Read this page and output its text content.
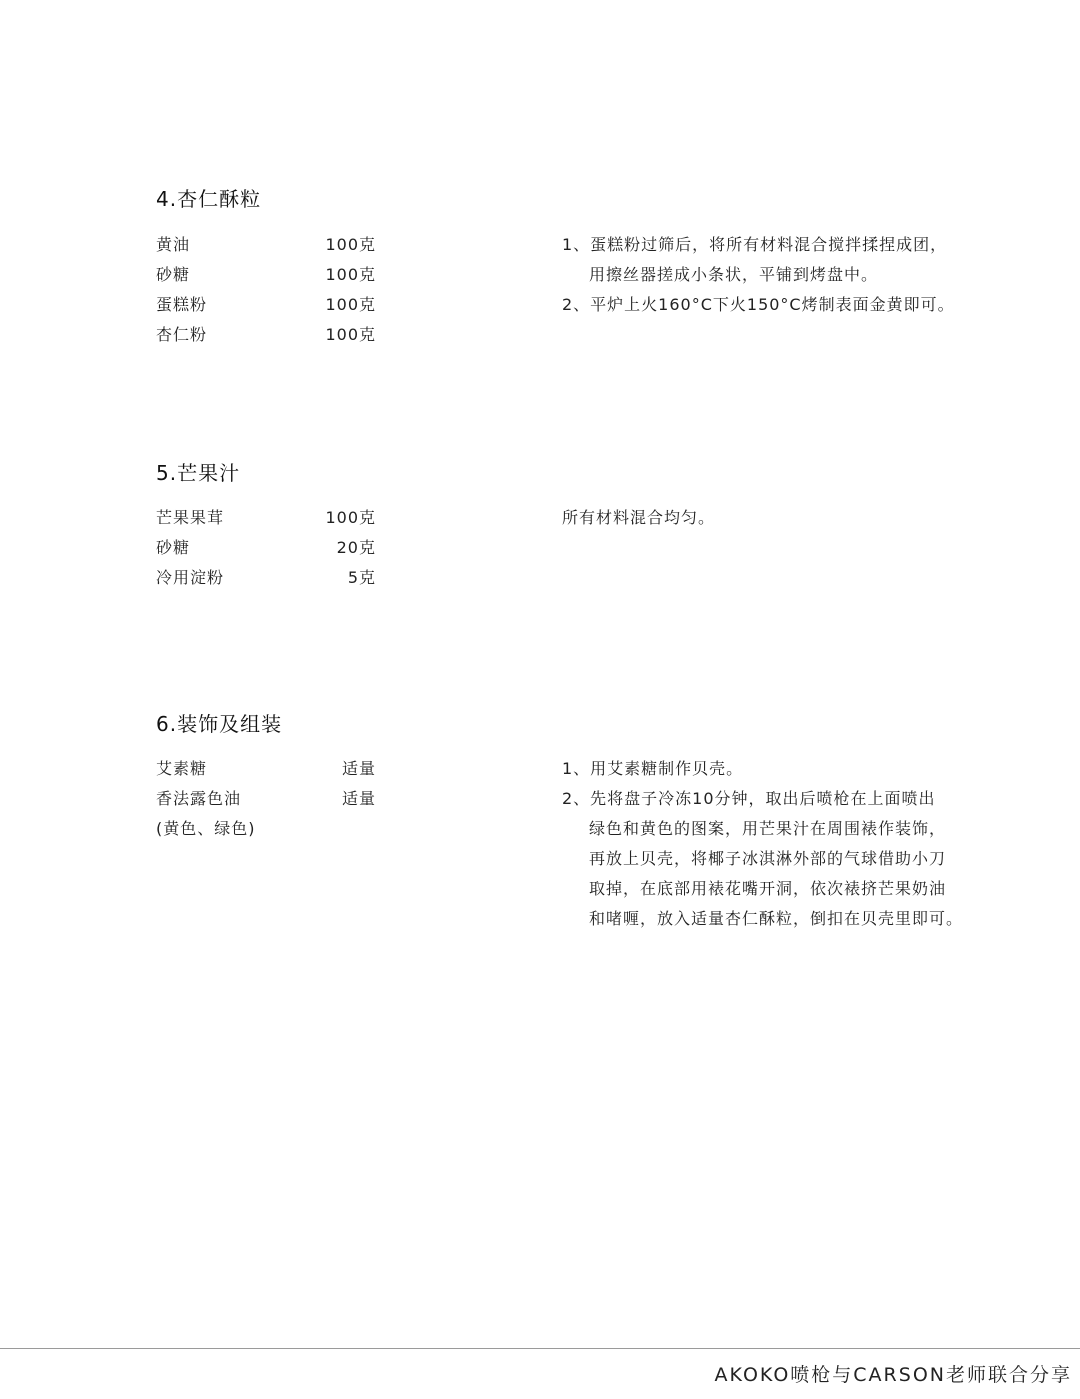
4.杏仁酥粒
黄油	100克
砂糖	100克
蛋糕粉	100克
杏仁粉	100克
1、蛋糕粉过筛后，将所有材料混合搅拌揉捏成团，
用擦丝器搓成小条状，平铺到烤盘中。
2、平炉上火160°C下火150°C烤制表面金黄即可。
5.芒果汁
芒果果茸	100克
砂糖	20克
冷用淀粉	5克
所有材料混合均匀。
6.装饰及组装
艾素糖	适量
香法露色油	适量
(黄色、绿色)
1、用艾素糖制作贝壳。
2、先将盘子冷冻10分钟，取出后喷枪在上面喷出
绿色和黄色的图案，用芒果汁在周围裱作装饰，
再放上贝壳，将椰子冰淇淋外部的气球借助小刀
取掉，在底部用裱花嘴开洞，依次裱挤芒果奶油
和啫喱，放入适量杏仁酥粒，倒扣在贝壳里即可。
AKOKO喷枪与CARSON老师联合分享
